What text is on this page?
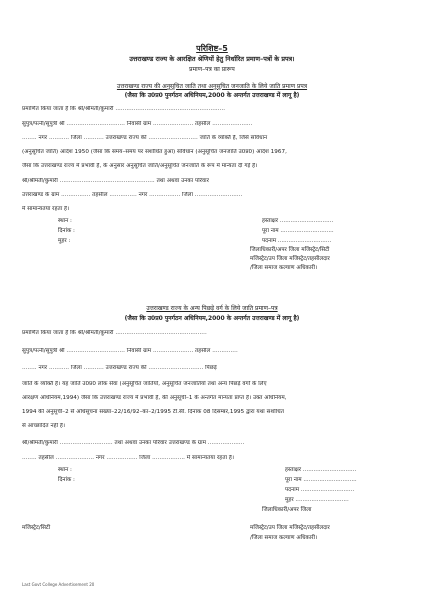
परिशिष्ट–5
उत्तराखण्ड राज्य के आरक्षित श्रेणियों हेतु निर्धारित प्रमाण–पत्रों के प्रपत्र।
प्रमाण–पत्र का प्रारूप
उत्तराखण्ड राज्य की अनुसूचित जाति तथा अनुसूचित जनजाति के लिये जाति प्रमाण प्रपत्र
(जैसा कि उ0प्र0 पुनर्गठन अधिनियम,2000 के अन्तर्गत उत्तराखण्ड में लागू है)
प्रमाणित किया जाता है कि श्री/श्रीमती/कुमारी ............................................................
सुपुत्र/पत्नी/सुपुत्री श्री ................................ निवासी ग्राम ...................... तहसील ......................
........ नगर ........... जिला ........... उत्तराखण्ड राज्य की ........................... जाति के व्यक्ति हैं, जिसे संविधान
(अनुसूचित जाति) आदेश 1950 (जैसा कि समय–समय पर संशोधित हुआ) संविधान (अनुसूचित जनजाति उ0प्र0) आदेश 1967,
जैसा कि उत्तराखण्ड राज्य में प्रभावी है, के अनुसार अनुसूचित जाति/अनुसूचित जनजाति के रूप में मान्यता दी गई है।
श्री/श्रीमती/कुमारी .................................................... तथा अथवा उनका परिवार
उत्तराखण्ड के ग्राम ................ तहसील ............... नगर ................. जिला ..........................
में सामान्यतया रहता है।
स्थान :
दिनांक :
मुहर :
हस्ताक्षर ..............................
पूरा नाम ..............................
पदनाम ..............................
जिलाधिकारी/अपर जिला मजिस्ट्रेट/सिटी
मजिस्ट्रेट/उप जिला मजिस्ट्रेट/तहसीलदार
/जिला समाज कल्याण अधिकारी।
उत्तराखण्ड राज्य के अन्य पिछड़े वर्ग के लिये जाति प्रमाण–पत्र
(जैसा कि उ0प्र0 पुनर्गठन अधिनियम,2000 के अन्तर्गत उत्तराखण्ड में लागू है)
प्रमाणित किया जाता है कि श्री/श्रीमती/कुमारी ..................................................
सुपुत्र/पत्नी/सुपुत्री श्री ................................ निवासी ग्राम ...................... तहसील ..............
........ नगर ........... जिला ........... उत्तराखण्ड राज्य की .............................. पिछड़े
जाति के व्यक्ति हैं। यह जाति उ0प्र0 लोक सेवा (अनुसूचित जातियों, अनुसूचित जनजातियों तथा अन्य पिछड़े वर्गों के लिए
आरक्षण अधिनियम,1994) जैसा कि उत्तराखण्ड राज्य में प्रभावी है, की अनुसूची–1 के अन्तर्गत मान्यता प्राप्त है। उक्त अधिनियम,
1994 की अनुसूची–2 से अधिसूचना संख्या–22/16/92–का–2/1995 टी.सी. दिनांक 08 दिसम्बर,1995 द्वारा यथा संशोधित
से आच्छादित नहीं है।
श्री/श्रीमती/कुमारी ............................. तथा अथवा उनका परिवार उत्तराखण्ड के ग्राम ....................
........ तहसील ..................... नगर ................. जिला .................. में सामान्यतया रहता है।
स्थान :
दिनांक :
हस्ताक्षर ..............................
पूरा नाम ..............................
पदनाम ..............................
मुहर ..............................
जिलाधिकारी/अपर जिला
मजिस्ट्रेट/सिटी	मजिस्ट्रेट/उप जिला मजिस्ट्रेट/तहसीलदार
/जिला समाज कल्याण अधिकारी।
Last Govt College Advertisement 20
